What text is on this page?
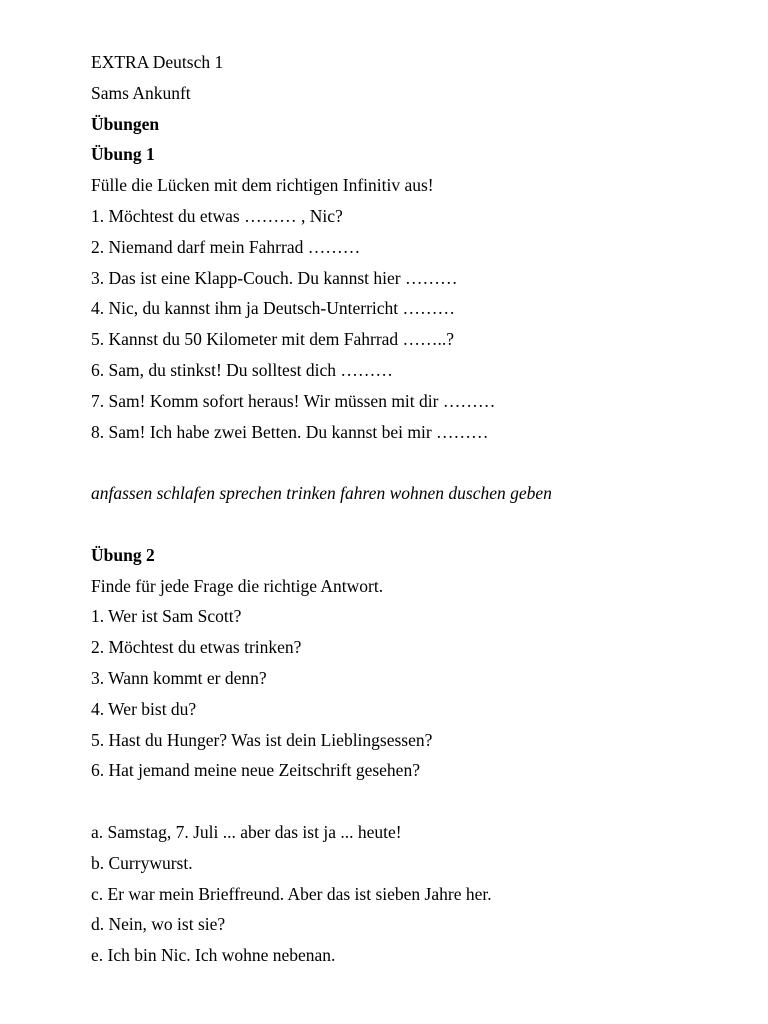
EXTRA Deutsch 1
Sams Ankunft
Übungen
Übung 1
Fülle die Lücken mit dem richtigen Infinitiv aus!
1. Möchtest du etwas ……… , Nic?
2. Niemand darf mein Fahrrad ………
3. Das ist eine Klapp-Couch. Du kannst hier ………
4. Nic, du kannst ihm ja Deutsch-Unterricht ………
5. Kannst du 50 Kilometer mit dem Fahrrad ……..?
6. Sam, du stinkst! Du solltest dich ………
7. Sam! Komm sofort heraus! Wir müssen mit dir ………
8. Sam! Ich habe zwei Betten. Du kannst bei mir ………
anfassen schlafen sprechen trinken fahren wohnen duschen geben
Übung 2
Finde für jede Frage die richtige Antwort.
1. Wer ist Sam Scott?
2. Möchtest du etwas trinken?
3. Wann kommt er denn?
4. Wer bist du?
5. Hast du Hunger? Was ist dein Lieblingsessen?
6. Hat jemand meine neue Zeitschrift gesehen?
a. Samstag, 7. Juli ... aber das ist ja ... heute!
b. Currywurst.
c. Er war mein Brieffreund. Aber das ist sieben Jahre her.
d. Nein, wo ist sie?
e. Ich bin Nic. Ich wohne nebenan.
